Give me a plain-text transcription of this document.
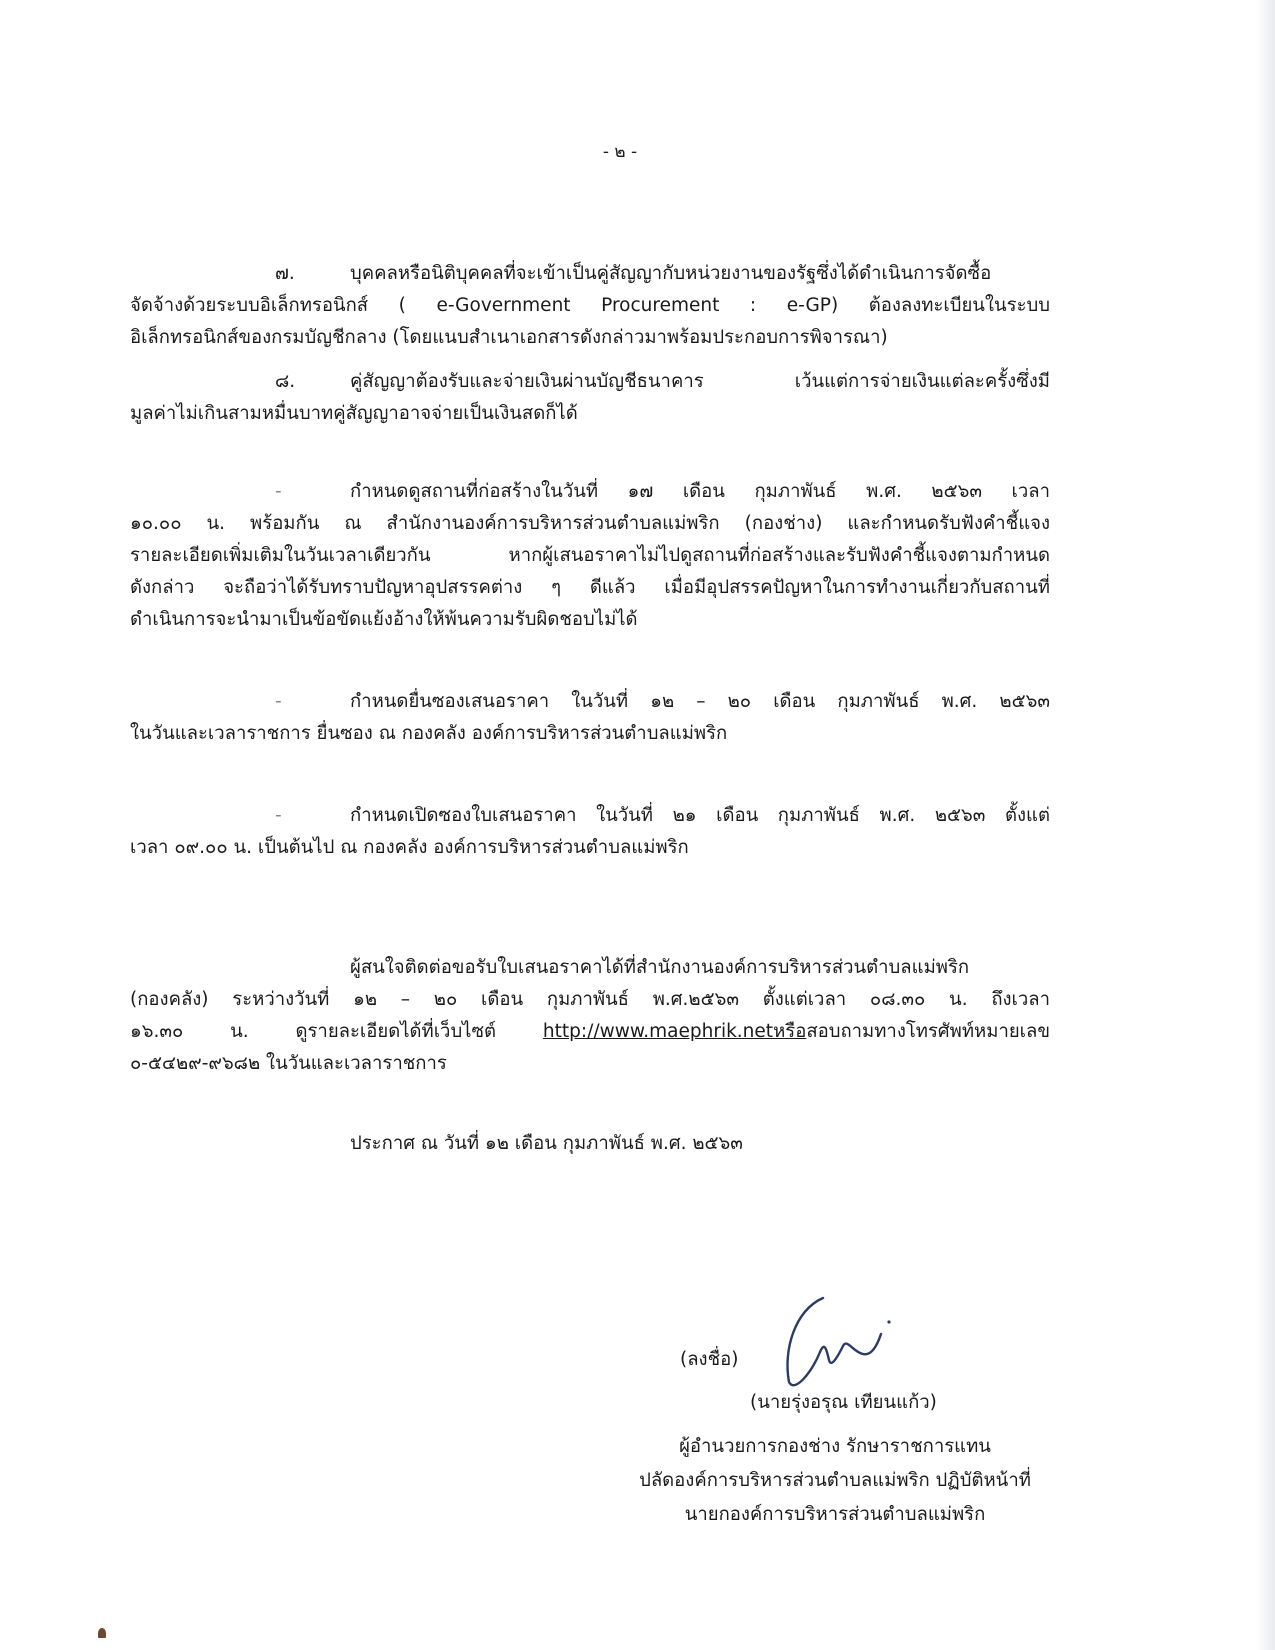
- ๒ -
๗.	บุคคลหรือนิติบุคคลที่จะเข้าเป็นคู่สัญญากับหน่วยงานของรัฐซึ่งได้ดำเนินการจัดซื้อ
จัดจ้างด้วยระบบอิเล็กทรอนิกส์ ( e-Government Procurement : e-GP) ต้องลงทะเบียนในระบบ
อิเล็กทรอนิกส์ของกรมบัญชีกลาง (โดยแนบสำเนาเอกสารดังกล่าวมาพร้อมประกอบการพิจารณา)
๘.	คู่สัญญาต้องรับและจ่ายเงินผ่านบัญชีธนาคาร เว้นแต่การจ่ายเงินแต่ละครั้งซึ่งมี
มูลค่าไม่เกินสามหมื่นบาทคู่สัญญาอาจจ่ายเป็นเงินสดก็ได้
-	กำหนดดูสถานที่ก่อสร้างในวันที่ ๑๗ เดือน กุมภาพันธ์ พ.ศ. ๒๕๖๓ เวลา
๑๐.๐๐ น. พร้อมกัน ณ สำนักงานองค์การบริหารส่วนตำบลแม่พริก (กองช่าง) และกำหนดรับฟังคำชี้แจง
รายละเอียดเพิ่มเติมในวันเวลาเดียวกัน หากผู้เสนอราคาไม่ไปดูสถานที่ก่อสร้างและรับฟังคำชี้แจงตามกำหนด
ดังกล่าว จะถือว่าได้รับทราบปัญหาอุปสรรคต่าง ๆ ดีแล้ว เมื่อมีอุปสรรคปัญหาในการทำงานเกี่ยวกับสถานที่
ดำเนินการจะนำมาเป็นข้อขัดแย้งอ้างให้พ้นความรับผิดชอบไม่ได้
-	กำหนดยื่นซองเสนอราคา ในวันที่ ๑๒ – ๒๐ เดือน กุมภาพันธ์ พ.ศ. ๒๕๖๓
ในวันและเวลาราชการ ยื่นซอง ณ กองคลัง องค์การบริหารส่วนตำบลแม่พริก
-	กำหนดเปิดซองใบเสนอราคา ในวันที่ ๒๑ เดือน กุมภาพันธ์ พ.ศ. ๒๕๖๓ ตั้งแต่
เวลา ๐๙.๐๐ น. เป็นต้นไป ณ กองคลัง องค์การบริหารส่วนตำบลแม่พริก
ผู้สนใจติดต่อขอรับใบเสนอราคาได้ที่สำนักงานองค์การบริหารส่วนตำบลแม่พริก
(กองคลัง) ระหว่างวันที่ ๑๒ – ๒๐ เดือน กุมภาพันธ์ พ.ศ.๒๕๖๓ ตั้งแต่เวลา ๐๘.๓๐ น. ถึงเวลา
๑๖.๓๐ น. ดูรายละเอียดได้ที่เว็บไซต์	http://www.maephrik.netหรือสอบถามทางโทรศัพท์หมายเลข
๐-๕๔๒๙-๙๖๘๒ ในวันและเวลาราชการ
ประกาศ ณ วันที่ ๑๒ เดือน กุมภาพันธ์ พ.ศ. ๒๕๖๓
(ลงชื่อ)
(นายรุ่งอรุณ เทียนแก้ว)
ผู้อำนวยการกองช่าง รักษาราชการแทน
ปลัดองค์การบริหารส่วนตำบลแม่พริก ปฏิบัติหน้าที่
นายกองค์การบริหารส่วนตำบลแม่พริก
